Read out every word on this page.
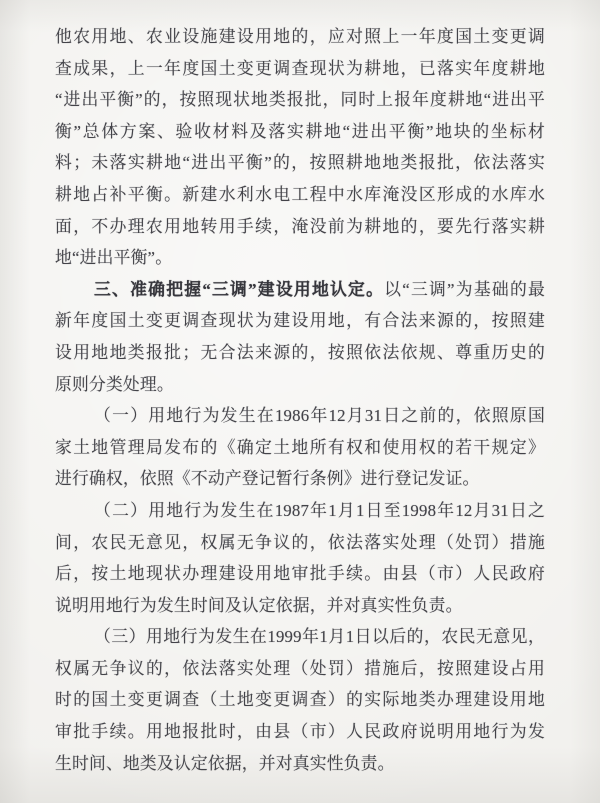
他农用地、农业设施建设用地的，应对照上一年度国土变更调
查成果，上一年度国土变更调查现状为耕地，已落实年度耕地
“进出平衡”的，按照现状地类报批，同时上报年度耕地“进出平
衡”总体方案、验收材料及落实耕地“进出平衡”地块的坐标材
料；未落实耕地“进出平衡”的，按照耕地地类报批，依法落实
耕地占补平衡。新建水利水电工程中水库淹没区形成的水库水
面，不办理农用地转用手续，淹没前为耕地的，要先行落实耕
地“进出平衡”。
三、准确把握“三调”建设用地认定。以“三调”为基础的最
新年度国土变更调查现状为建设用地，有合法来源的，按照建
设用地地类报批；无合法来源的，按照依法依规、尊重历史的
原则分类处理。
（一）用地行为发生在1986年12月31日之前的，依照原国
家土地管理局发布的《确定土地所有权和使用权的若干规定》
进行确权，依照《不动产登记暂行条例》进行登记发证。
（二）用地行为发生在1987年1月1日至1998年12月31日之
间，农民无意见，权属无争议的，依法落实处理（处罚）措施
后，按土地现状办理建设用地审批手续。由县（市）人民政府
说明用地行为发生时间及认定依据，并对真实性负责。
（三）用地行为发生在1999年1月1日以后的，农民无意见，
权属无争议的，依法落实处理（处罚）措施后，按照建设占用
时的国土变更调查（土地变更调查）的实际地类办理建设用地
审批手续。用地报批时，由县（市）人民政府说明用地行为发
生时间、地类及认定依据，并对真实性负责。
